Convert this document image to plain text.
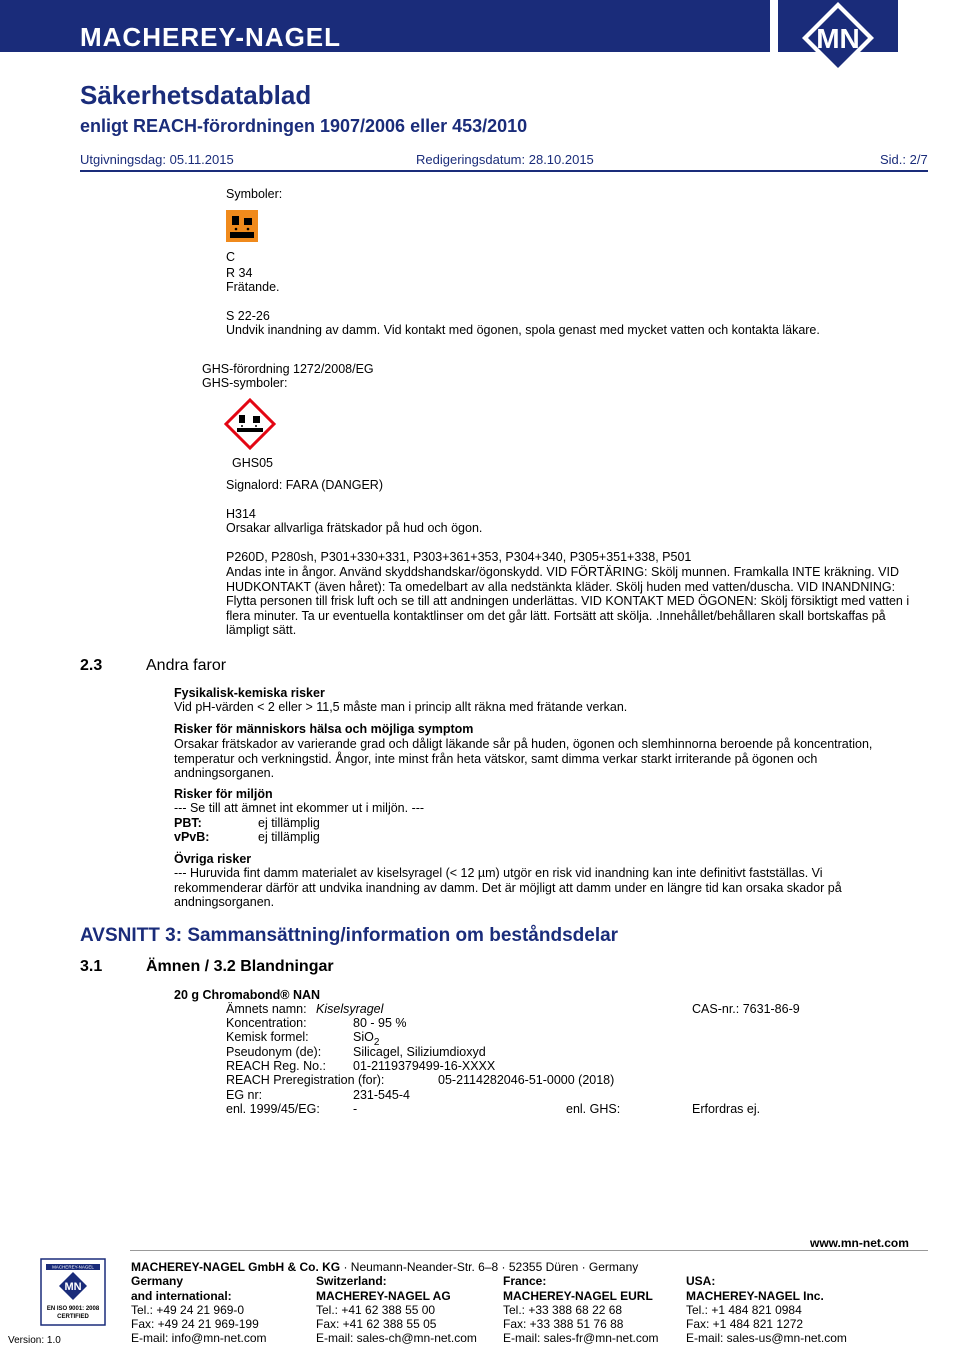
MACHEREY-NAGEL	MN
Säkerhetsdatablad
enligt REACH-förordningen 1907/2006 eller 453/2010
Utgivningsdag: 05.11.2015	Redigeringsdatum: 28.10.2015	Sid.: 2/7
Symboler:
C
R 34
Frätande.
S 22-26
Undvik inandning av damm. Vid kontakt med ögonen, spola genast med mycket vatten och kontakta läkare.
GHS-förordning 1272/2008/EG
GHS-symboler:
GHS05
Signalord: FARA (DANGER)
H314
Orsakar allvarliga frätskador på hud och ögon.
P260D, P280sh, P301+330+331, P303+361+353, P304+340, P305+351+338, P501
Andas inte in ångor. Använd skyddshandskar/ögonskydd. VID FÖRTÄRING: Skölj munnen. Framkalla INTE kräkning. VID HUDKONTAKT (även håret): Ta omedelbart av alla nedstänkta kläder. Skölj huden med vatten/duscha. VID INANDNING: Flytta personen till frisk luft och se till att andningen underlättas. VID KONTAKT MED ÖGONEN: Skölj försiktigt med vatten i flera minuter. Ta ur eventuella kontaktlinser om det går lätt. Fortsätt att skölja. .Innehållet/behållaren skall bortskaffas på lämpligt sätt.
2.3	Andra faror
Fysikalisk-kemiska risker
Vid pH-värden < 2 eller > 11,5 måste man i princip allt räkna med frätande verkan.
Risker för människors hälsa och möjliga symptom
Orsakar frätskador av varierande grad och dåligt läkande sår på huden, ögonen och slemhinnorna beroende på koncentration, temperatur och verkningstid. Ångor, inte minst från heta vätskor, samt dimma verkar starkt irriterande på ögonen och andningsorganen.
Risker för miljön
--- Se till att ämnet int ekommer ut i miljön. ---
PBT:	ej tillämplig
vPvB:	ej tillämplig
Övriga risker
--- Huruvida fint damm materialet av kiselsyragel (< 12 µm) utgör en risk vid inandning kan inte definitivt fastställas. Vi rekommenderar därför att undvika inandning av damm. Det är möjligt att damm under en längre tid kan orsaka skador på andningsorganen.
AVSNITT 3: Sammansättning/information om beståndsdelar
3.1	Ämnen / 3.2 Blandningar
20 g Chromabond® NAN
Ämnets namn: Kiselsyragel	CAS-nr.: 7631-86-9
Koncentration:	80 - 95 %
Kemisk formel:	SiO$_2$
Pseudonym (de):	Silicagel, Siliziumdioxyd
REACH Reg. No.: 01-2119379499-16-XXXX
REACH Preregistration (for):	05-2114282046-51-0000 (2018)
EG nr:	231-545-4
enl. 1999/45/EG:	-	enl. GHS:	Erfordras ej.
www.mn-net.com
MACHEREY-NAGEL GmbH & Co. KG · Neumann-Neander-Str. 6–8 · 52355 Düren · Germany
MN
MACHEREY-NAGEL
EN ISO 9001: 2008
CERTIFIED
Version: 1.0
Germany
and international:
Tel.: +49 24 21 969-0
Fax: +49 24 21 969-199
E-mail: info@mn-net.com
Switzerland:
MACHEREY-NAGEL AG
Tel.: +41 62 388 55 00
Fax: +41 62 388 55 05
E-mail: sales-ch@mn-net.com
France:
MACHEREY-NAGEL EURL
Tel.: +33 388 68 22 68
Fax: +33 388 51 76 88
E-mail: sales-fr@mn-net.com
USA:
MACHEREY-NAGEL Inc.
Tel.: +1 484 821 0984
Fax: +1 484 821 1272
E-mail: sales-us@mn-net.com
